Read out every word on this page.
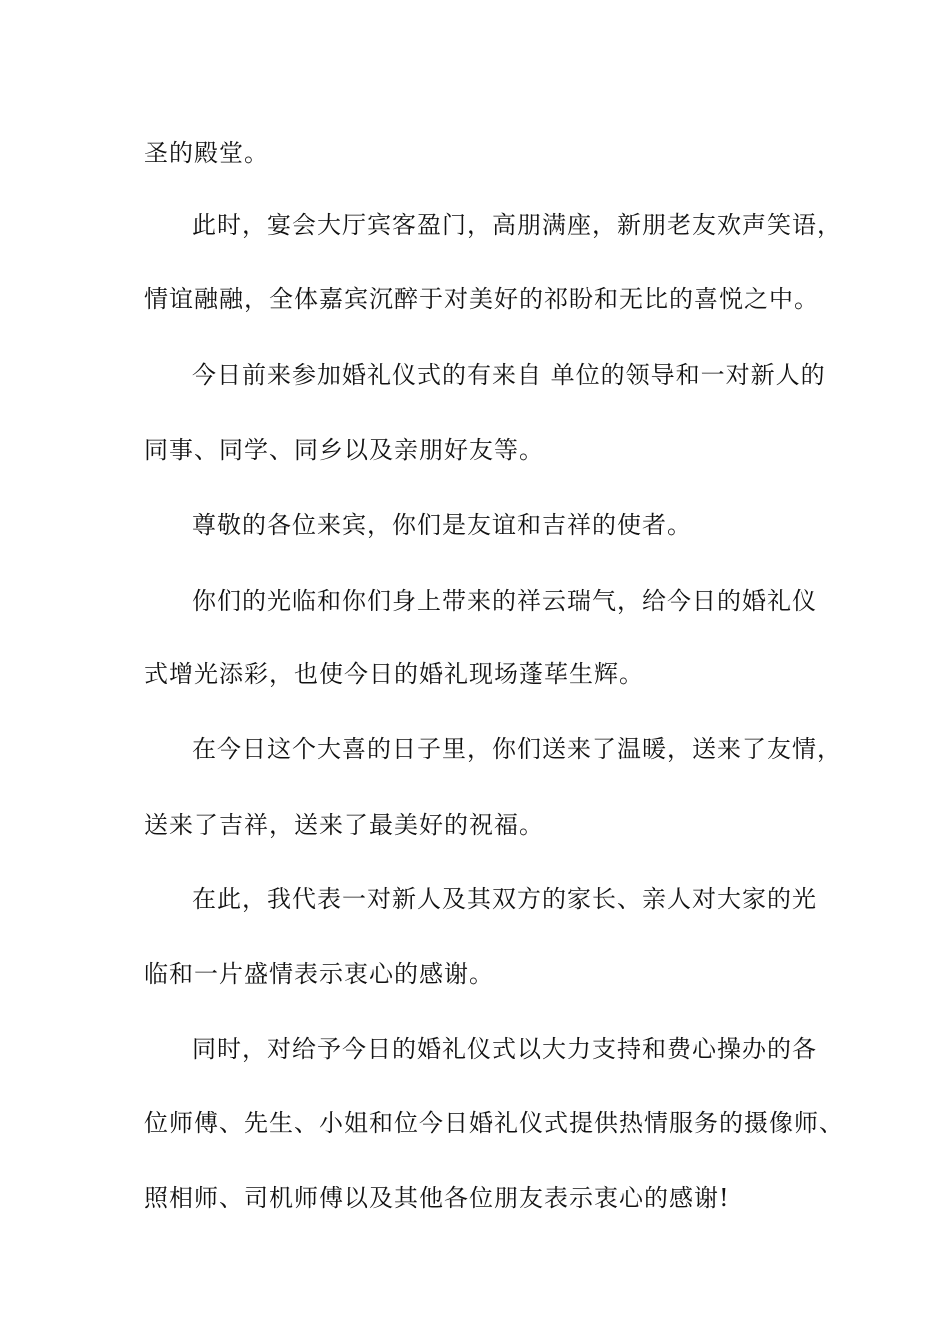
圣的殿堂。
此时，宴会大厅宾客盈门，高朋满座，新朋老友欢声笑语，
情谊融融，全体嘉宾沉醉于对美好的祁盼和无比的喜悦之中。
今日前来参加婚礼仪式的有来自 单位的领导和一对新人的
同事、同学、同乡以及亲朋好友等。
尊敬的各位来宾，你们是友谊和吉祥的使者。
你们的光临和你们身上带来的祥云瑞气，给今日的婚礼仪
式增光添彩，也使今日的婚礼现场蓬荜生辉。
在今日这个大喜的日子里，你们送来了温暖，送来了友情，
送来了吉祥，送来了最美好的祝福。
在此，我代表一对新人及其双方的家长、亲人对大家的光
临和一片盛情表示衷心的感谢。
同时，对给予今日的婚礼仪式以大力支持和费心操办的各
位师傅、先生、小姐和位今日婚礼仪式提供热情服务的摄像师、
照相师、司机师傅以及其他各位朋友表示衷心的感谢!
